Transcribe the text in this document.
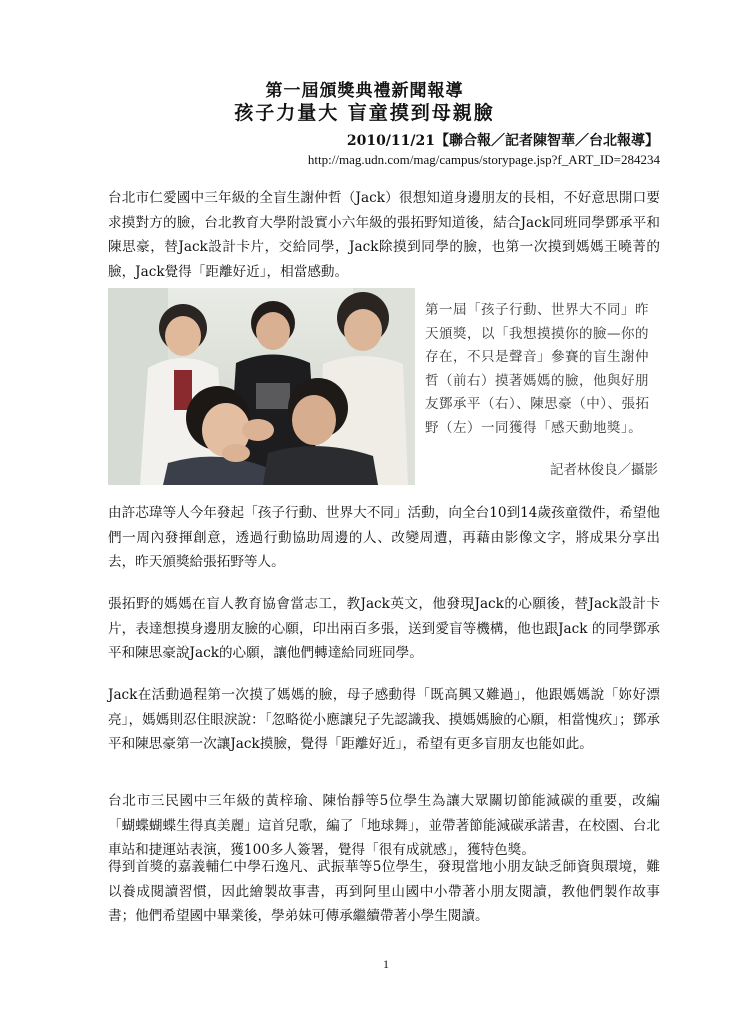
第一屆頒獎典禮新聞報導
孩子力量大 盲童摸到母親臉
2010/11/21【聯合報／記者陳智華／台北報導】
http://mag.udn.com/mag/campus/storypage.jsp?f_ART_ID=284234

台北市仁愛國中三年級的全盲生謝仲哲（Jack）很想知道身邊朋友的長相，不好意思開口要求摸對方的臉，台北教育大學附設實小六年級的張拓野知道後，結合Jack同班同學鄧承平和陳思豪，替Jack設計卡片，交給同學，Jack除摸到同學的臉，也第一次摸到媽媽王曉菁的臉，Jack覺得「距離好近」，相當感動。

第一屆「孩子行動、世界大不同」昨天頒獎，以「我想摸摸你的臉—你的存在，不只是聲音」參賽的盲生謝仲哲（前右）摸著媽媽的臉，他與好朋友鄧承平（右）、陳思豪（中）、張拓野（左）一同獲得「感天動地獎」。

記者林俊良／攝影

由許芯瑋等人今年發起「孩子行動、世界大不同」活動，向全台10到14歲孩童徵件，希望他們一周內發揮創意，透過行動協助周邊的人、改變周遭，再藉由影像文字，將成果分享出去，昨天頒獎給張拓野等人。

張拓野的媽媽在盲人教育協會當志工，教Jack英文，他發現Jack的心願後，替Jack設計卡片，表達想摸身邊朋友臉的心願，印出兩百多張，送到愛盲等機構，他也跟Jack 的同學鄧承平和陳思豪說Jack的心願，讓他們轉達給同班同學。

Jack在活動過程第一次摸了媽媽的臉，母子感動得「既高興又難過」，他跟媽媽說「妳好漂亮」，媽媽則忍住眼淚說：「忽略從小應讓兒子先認識我、摸媽媽臉的心願，相當愧疚」；鄧承平和陳思豪第一次讓Jack摸臉，覺得「距離好近」，希望有更多盲朋友也能如此。

台北市三民國中三年級的黃梓瑜、陳怡靜等5位學生為讓大眾關切節能減碳的重要，改編「蝴蝶蝴蝶生得真美麗」這首兒歌，編了「地球舞」，並帶著節能減碳承諾書，在校園、台北車站和捷運站表演，獲100多人簽署，覺得「很有成就感」，獲特色獎。

得到首獎的嘉義輔仁中學石逸凡、武振華等5位學生，發現當地小朋友缺乏師資與環境，難以養成閱讀習慣，因此繪製故事書，再到阿里山國中小帶著小朋友閱讀，教他們製作故事書；他們希望國中畢業後，學弟妹可傳承繼續帶著小學生閱讀。

1
